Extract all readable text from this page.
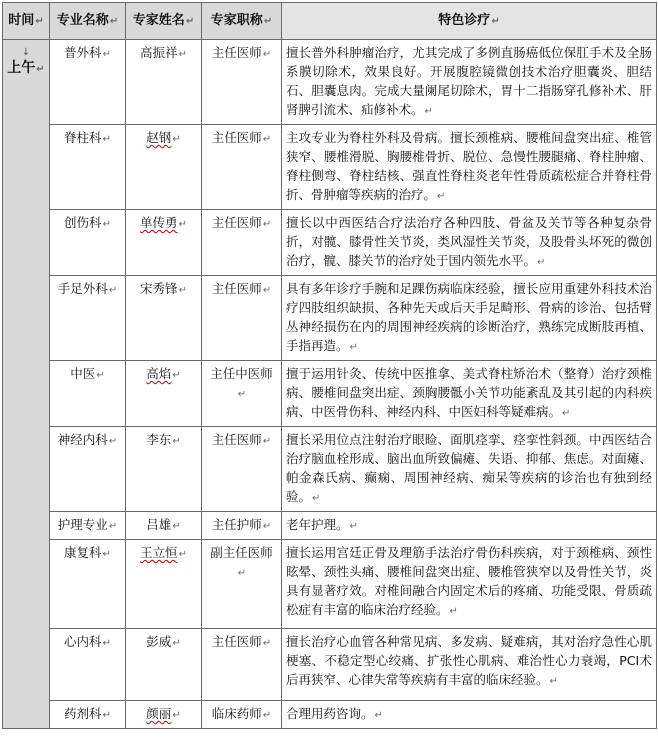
时间↵	专业名称↵	专家姓名↵	专家职称↵	特色诊疗↵

↓
上午↵	普外科↵	高振祥↵	主任医师↵	擅长普外科肿瘤治疗，尤其完成了多例直肠癌低位保肛手术及全肠系膜切除术，效果良好。开展腹腔镜微创技术治疗胆囊炎、胆结石、胆囊息肉。完成大量阑尾切除术，胃十二指肠穿孔修补术、肝肾脾引流术、疝修补术。↵
	脊柱科↵	赵钢↵	主任医师↵	主攻专业为脊柱外科及骨病。擅长颈椎病、腰椎间盘突出症、椎管狭窄、腰椎滑脱、胸腰椎骨折、脱位、急慢性腰腿痛、脊柱肿瘤、脊柱侧弯、脊柱结核、强直性脊柱炎老年性骨质疏松症合并脊柱骨折、骨肿瘤等疾病的治疗。↵
	创伤科↵	单传勇↵	主任医师↵	擅长以中西医结合疗法治疗各种四肢、骨盆及关节等各种复杂骨折，对髋、膝骨性关节炎，类风湿性关节炎，及股骨头坏死的微创治疗，髋、膝关节的治疗处于国内领先水平。↵
	手足外科↵	宋秀锋↵	主任医师↵	具有多年诊疗手腕和足踝伤病临床经验，擅长应用重建外科技术治疗四肢组织缺损、各种先天或后天手足畸形、骨病的诊治、包括臂丛神经损伤在内的周围神经疾病的诊断治疗，熟练完成断肢再植、手指再造。↵
	中医↵	高焰↵	主任中医师↵	擅于运用针灸、传统中医推拿、美式脊柱矫治术（整脊）治疗颈椎病、腰椎间盘突出症、颈胸腰骶小关节功能紊乱及其引起的内科疾病、中医骨伤科、神经内科、中医妇科等疑难病。↵
	神经内科↵	李东↵	主任医师↵	擅长采用位点注射治疗眼睑、面肌痉挛、痉挛性斜颈。中西医结合治疗脑血栓形成、脑出血所致偏瘫、失语、抑郁、焦虑。对面瘫、帕金森氏病、癫痫、周围神经病、痴呆等疾病的诊治也有独到经验。↵
	护理专业↵	吕雄↵	主任护师↵	老年护理。↵
	康复科↵	王立恒↵	副主任医师↵	擅长运用宫廷正骨及理筋手法治疗骨伤科疾病，对于颈椎病、颈性眩晕、颈性头痛、腰椎间盘突出症、腰椎管狭窄以及骨性关节，炎具有显著疗效。对椎间融合内固定术后的疼痛、功能受限、骨质疏松症有丰富的临床治疗经验。↵
	心内科↵	彭威↵	主任医师↵	擅长治疗心血管各种常见病、多发病、疑难病，其对治疗急性心肌梗塞、不稳定型心绞痛、扩张性心肌病、难治性心力衰竭，PCI术后再狭窄、心律失常等疾病有丰富的临床经验。↵
	药剂科↵	颜丽↵	临床药师↵	合理用药咨询。↵
